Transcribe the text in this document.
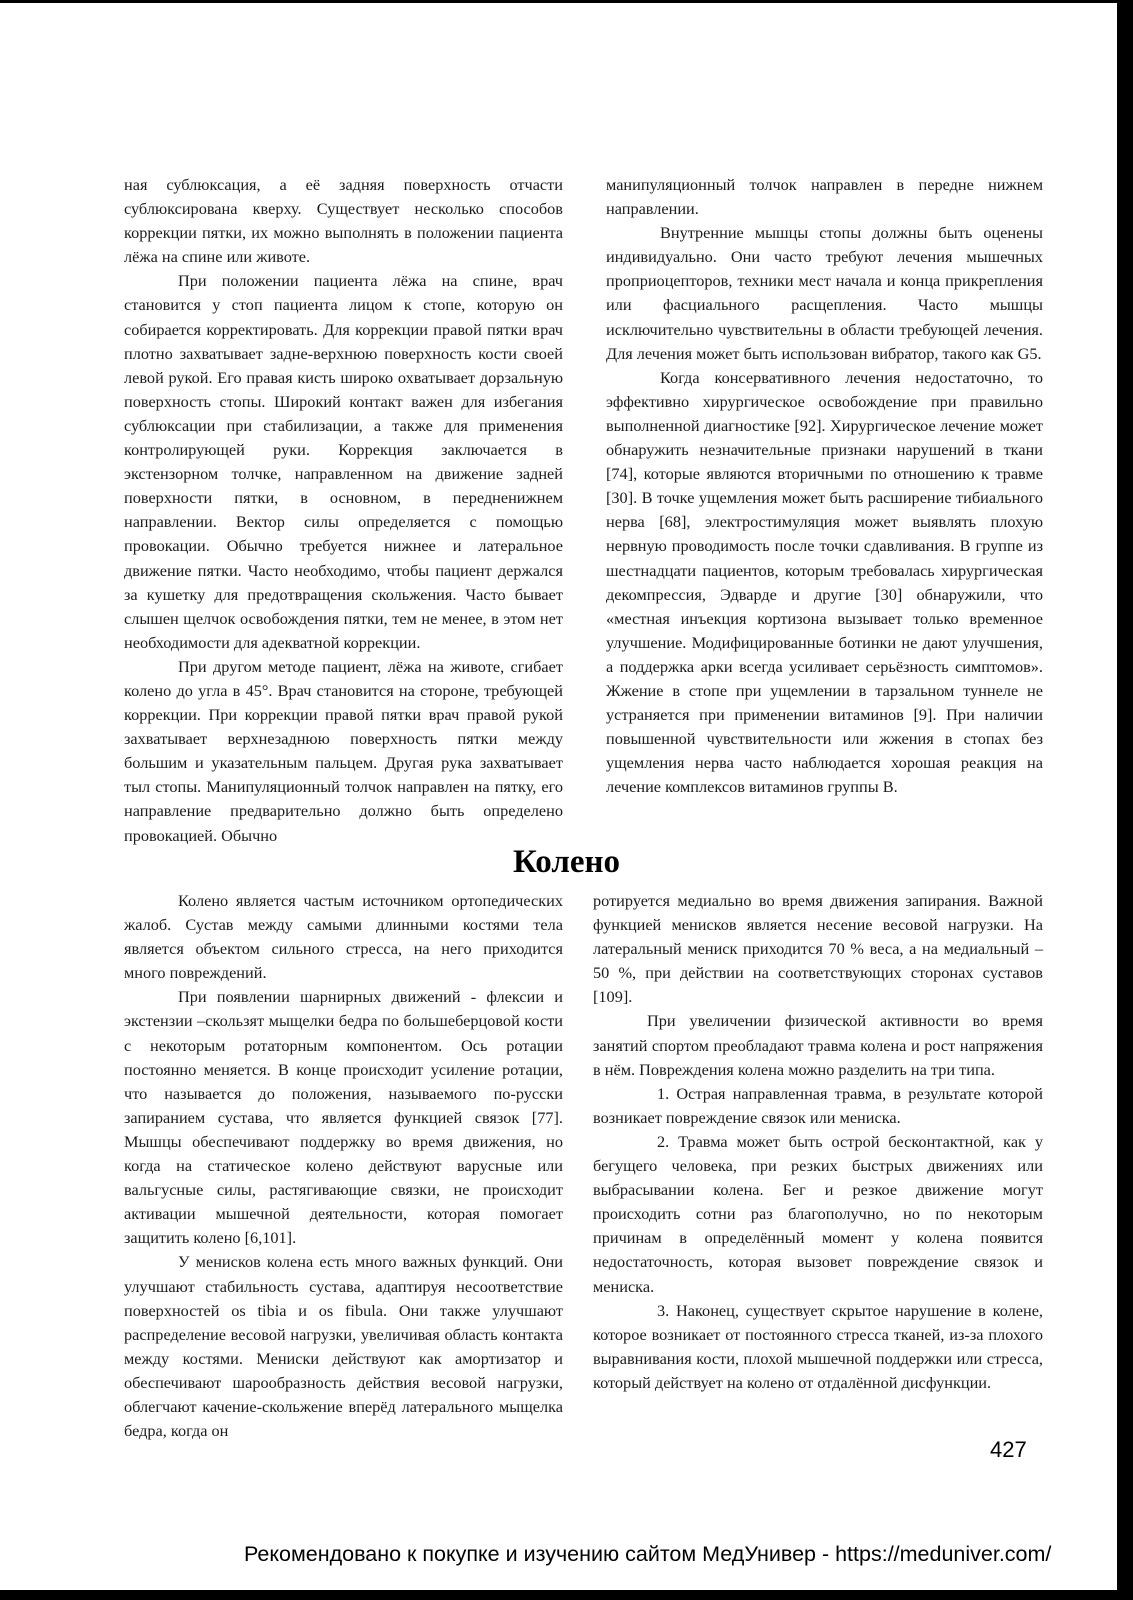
ная сублюксация, а её задняя поверхность отчасти сублюксирована кверху. Существует несколько способов коррекции пятки, их можно выполнять в положении пациента лёжа на спине или животе.

При положении пациента лёжа на спине, врач становится у стоп пациента лицом к стопе, которую он собирается корректировать. Для коррекции правой пятки врач плотно захватывает задне-верхнюю поверхность кости своей левой рукой. Его правая кисть широко охватывает дорзальную поверхность стопы. Широкий контакт важен для избегания сублюксации при стабилизации, а также для применения контролирующей руки. Коррекция заключается в экстензорном толчке, направленном на движение задней поверхности пятки, в основном, в передненижнем направлении. Вектор силы определяется с помощью провокации. Обычно требуется нижнее и латеральное движение пятки. Часто необходимо, чтобы пациент держался за кушетку для предотвращения скольжения. Часто бывает слышен щелчок освобождения пятки, тем не менее, в этом нет необходимости для адекватной коррекции.

При другом методе пациент, лёжа на животе, сгибает колено до угла в 45°. Врач становится на стороне, требующей коррекции. При коррекции правой пятки врач правой рукой захватывает верхнезаднюю поверхность пятки между большим и указательным пальцем. Другая рука захватывает тыл стопы. Манипуляционный толчок направлен на пятку, его направление предварительно должно быть определено провокацией. Обычно

манипуляционный толчок направлен в передне нижнем направлении.

Внутренние мышцы стопы должны быть оценены индивидуально. Они часто требуют лечения мышечных проприоцепторов, техники мест начала и конца прикрепления или фасциального расщепления. Часто мышцы исключительно чувствительны в области требующей лечения. Для лечения может быть использован вибратор, такого как G5.

Когда консервативного лечения недостаточно, то эффективно хирургическое освобождение при правильно выполненной диагностике [92]. Хирургическое лечение может обнаружить незначительные признаки нарушений в ткани [74], которые являются вторичными по отношению к травме [30]. В точке ущемления может быть расширение тибиального нерва [68], электростимуляция может выявлять плохую нервную проводимость после точки сдавливания. В группе из шестнадцати пациентов, которым требовалась хирургическая декомпрессия, Эдварде и другие [30] обнаружили, что «местная инъекция кортизона вызывает только временное улучшение. Модифицированные ботинки не дают улучшения, а поддержка арки всегда усиливает серьёзность симптомов». Жжение в стопе при ущемлении в тарзальном туннеле не устраняется при применении витаминов [9]. При наличии повышенной чувствительности или жжения в стопах без ущемления нерва часто наблюдается хорошая реакция на лечение комплексов витаминов группы В.

Колено

Колено является частым источником ортопедических жалоб. Сустав между самыми длинными костями тела является объектом сильного стресса, на него приходится много повреждений.

При появлении шарнирных движений - флексии и экстензии –скользят мыщелки бедра по большеберцовой кости с некоторым ротаторным компонентом. Ось ротации постоянно меняется. В конце происходит усиление ротации, что называется до положения, называемого по-русски запиранием сустава, что является функцией связок [77]. Мышцы обеспечивают поддержку во время движения, но когда на статическое колено действуют варусные или вальгусные силы, растягивающие связки, не происходит активации мышечной деятельности, которая помогает защитить колено [6,101].

У менисков колена есть много важных функций. Они улучшают стабильность сустава, адаптируя несоответствие поверхностей os tibia и os fibula. Они также улучшают распределение весовой нагрузки, увеличивая область контакта между костями. Мениски действуют как амортизатор и обеспечивают шарообразность действия весовой нагрузки, облегчают качение-скольжение вперёд латерального мыщелка бедра, когда он

ротируется медиально во время движения запирания. Важной функцией менисков является несение весовой нагрузки. На латеральный мениск приходится 70 % веса, а на медиальный – 50 %, при действии на соответствующих сторонах суставов [109].

При увеличении физической активности во время занятий спортом преобладают травма колена и рост напряжения в нём. Повреждения колена можно разделить на три типа.

1. Острая направленная травма, в результате которой возникает повреждение связок или мениска.

2. Травма может быть острой бесконтактной, как у бегущего человека, при резких быстрых движениях или выбрасывании колена. Бег и резкое движение могут происходить сотни раз благополучно, но по некоторым причинам в определённый момент у колена появится недостаточность, которая вызовет повреждение связок и мениска.

3. Наконец, существует скрытое нарушение в колене, которое возникает от постоянного стресса тканей, из-за плохого выравнивания кости, плохой мышечной поддержки или стресса, который действует на колено от отдалённой дисфункции.

427
Рекомендовано к покупке и изучению сайтом МедУнивер - https://meduniver.com/
